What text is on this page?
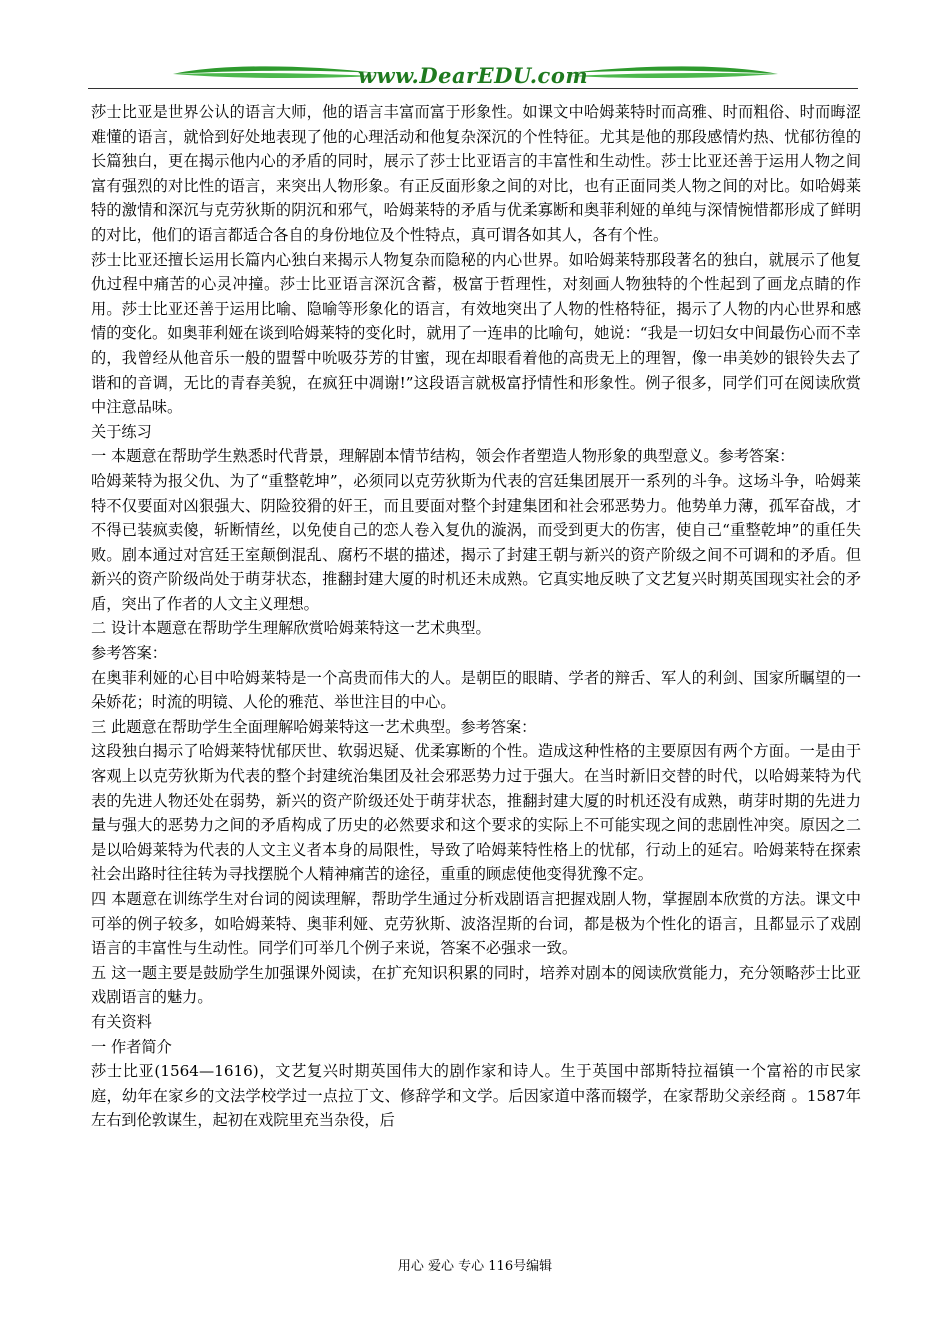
www.DearEDU.com

莎士比亚是世界公认的语言大师，他的语言丰富而富于形象性。如课文中哈姆莱特时而高雅、时而粗俗、时而晦涩难懂的语言，就恰到好处地表现了他的心理活动和他复杂深沉的个性特征。尤其是他的那段感情灼热、忧郁彷徨的长篇独白，更在揭示他内心的矛盾的同时，展示了莎士比亚语言的丰富性和生动性。莎士比亚还善于运用人物之间富有强烈的对比性的语言，来突出人物形象。有正反面形象之间的对比，也有正面同类人物之间的对比。如哈姆莱特的激情和深沉与克劳狄斯的阴沉和邪气，哈姆莱特的矛盾与优柔寡断和奥菲利娅的单纯与深情惋惜都形成了鲜明的对比，他们的语言都适合各自的身份地位及个性特点，真可谓各如其人，各有个性。

莎士比亚还擅长运用长篇内心独白来揭示人物复杂而隐秘的内心世界。如哈姆莱特那段著名的独白，就展示了他复仇过程中痛苦的心灵冲撞。莎士比亚语言深沉含蓄，极富于哲理性，对刻画人物独特的个性起到了画龙点睛的作用。莎士比亚还善于运用比喻、隐喻等形象化的语言，有效地突出了人物的性格特征，揭示了人物的内心世界和感情的变化。如奥菲利娅在谈到哈姆莱特的变化时，就用了一连串的比喻句，她说：“我是一切妇女中间最伤心而不幸的，我曾经从他音乐一般的盟誓中吮吸芬芳的甘蜜，现在却眼看着他的高贵无上的理智，像一串美妙的银铃失去了谐和的音调，无比的青春美貌，在疯狂中凋谢!”这段语言就极富抒情性和形象性。例子很多，同学们可在阅读欣赏中注意品味。

关于练习

一 本题意在帮助学生熟悉时代背景，理解剧本情节结构，领会作者塑造人物形象的典型意义。参考答案：

哈姆莱特为报父仇、为了“重整乾坤”，必须同以克劳狄斯为代表的宫廷集团展开一系列的斗争。这场斗争，哈姆莱特不仅要面对凶狠强大、阴险狡猾的奸王，而且要面对整个封建集团和社会邪恶势力。他势单力薄，孤军奋战，才不得已装疯卖傻，斩断情丝，以免使自己的恋人卷入复仇的漩涡，而受到更大的伤害，使自己“重整乾坤”的重任失败。剧本通过对宫廷王室颠倒混乱、腐朽不堪的描述，揭示了封建王朝与新兴的资产阶级之间不可调和的矛盾。但新兴的资产阶级尚处于萌芽状态，推翻封建大厦的时机还未成熟。它真实地反映了文艺复兴时期英国现实社会的矛盾，突出了作者的人文主义理想。

二 设计本题意在帮助学生理解欣赏哈姆莱特这一艺术典型。

参考答案：

在奥菲利娅的心目中哈姆莱特是一个高贵而伟大的人。是朝臣的眼睛、学者的辩舌、军人的利剑、国家所瞩望的一朵娇花；时流的明镜、人伦的雅范、举世注目的中心。

三 此题意在帮助学生全面理解哈姆莱特这一艺术典型。参考答案：

这段独白揭示了哈姆莱特忧郁厌世、软弱迟疑、优柔寡断的个性。造成这种性格的主要原因有两个方面。一是由于客观上以克劳狄斯为代表的整个封建统治集团及社会邪恶势力过于强大。在当时新旧交替的时代，以哈姆莱特为代表的先进人物还处在弱势，新兴的资产阶级还处于萌芽状态，推翻封建大厦的时机还没有成熟，萌芽时期的先进力量与强大的恶势力之间的矛盾构成了历史的必然要求和这个要求的实际上不可能实现之间的悲剧性冲突。原因之二是以哈姆莱特为代表的人文主义者本身的局限性，导致了哈姆莱特性格上的忧郁，行动上的延宕。哈姆莱特在探索社会出路时往往转为寻找摆脱个人精神痛苦的途径，重重的顾虑使他变得犹豫不定。

四 本题意在训练学生对台词的阅读理解，帮助学生通过分析戏剧语言把握戏剧人物，掌握剧本欣赏的方法。课文中可举的例子较多，如哈姆莱特、奥菲利娅、克劳狄斯、波洛涅斯的台词，都是极为个性化的语言，且都显示了戏剧语言的丰富性与生动性。同学们可举几个例子来说，答案不必强求一致。

五 这一题主要是鼓励学生加强课外阅读，在扩充知识积累的同时，培养对剧本的阅读欣赏能力，充分领略莎士比亚戏剧语言的魅力。

有关资料

一 作者简介

莎士比亚(1564—1616)，文艺复兴时期英国伟大的剧作家和诗人。生于英国中部斯特拉福镇一个富裕的市民家庭，幼年在家乡的文法学校学过一点拉丁文、修辞学和文学。后因家道中落而辍学，在家帮助父亲经商 。1587年左右到伦敦谋生，起初在戏院里充当杂役，后

用心 爱心 专心 116号编辑
